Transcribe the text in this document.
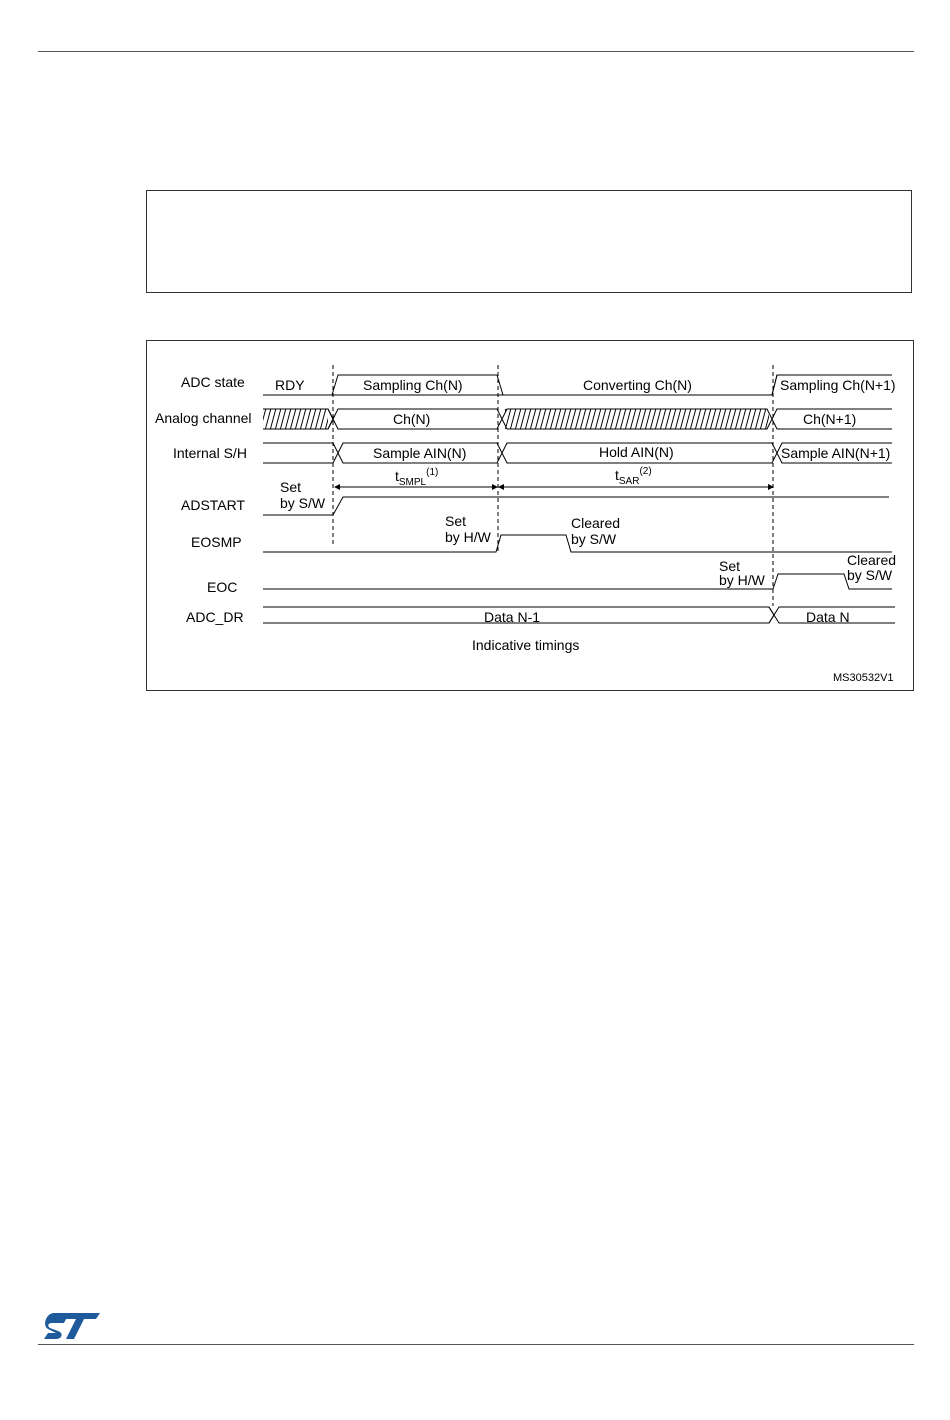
ADC state
Analog channel
Internal S/H
ADSTART
EOSMP
EOC
ADC_DR
RDY	Sampling Ch(N)	Converting Ch(N)	Sampling Ch(N+1)
Ch(N)	Ch(N+1)
Sample AIN(N)	Hold AIN(N)	Sample AIN(N+1)
$t_{SMPL}^{(1)}$	$t_{SAR}^{(2)}$
Set
by S/W
Set
by H/W
Cleared
by S/W
Set
by H/W
Cleared
by S/W
Data N-1	Data N
Indicative timings
MS30532V1
